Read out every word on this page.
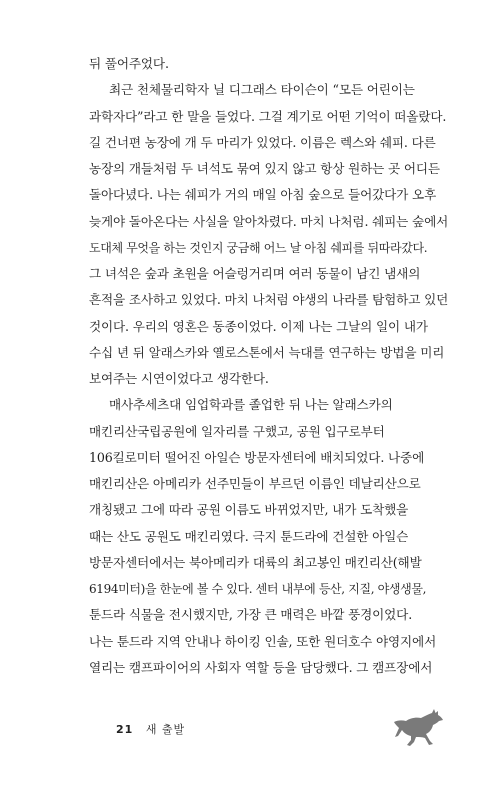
뒤 풀어주었다.
최근 천체물리학자 닐 디그래스 타이슨이 “모든 어린이는
과학자다”라고 한 말을 들었다. 그걸 계기로 어떤 기억이 떠올랐다.
길 건너편 농장에 개 두 마리가 있었다. 이름은 렉스와 쉐피. 다른
농장의 개들처럼 두 녀석도 묶여 있지 않고 항상 원하는 곳 어디든
돌아다녔다. 나는 쉐피가 거의 매일 아침 숲으로 들어갔다가 오후
늦게야 돌아온다는 사실을 알아차렸다. 마치 나처럼. 쉐피는 숲에서
도대체 무엇을 하는 것인지 궁금해 어느 날 아침 쉐피를 뒤따라갔다.
그 녀석은 숲과 초원을 어슬렁거리며 여러 동물이 남긴 냄새의
흔적을 조사하고 있었다. 마치 나처럼 야생의 나라를 탐험하고 있던
것이다. 우리의 영혼은 동종이었다. 이제 나는 그날의 일이 내가
수십 년 뒤 알래스카와 옐로스톤에서 늑대를 연구하는 방법을 미리
보여주는 시연이었다고 생각한다.
매사추세츠대 임업학과를 졸업한 뒤 나는 알래스카의
매킨리산국립공원에 일자리를 구했고, 공원 입구로부터
106킬로미터 떨어진 아일슨 방문자센터에 배치되었다. 나중에
매킨리산은 아메리카 선주민들이 부르던 이름인 데날리산으로
개칭됐고 그에 따라 공원 이름도 바뀌었지만, 내가 도착했을
때는 산도 공원도 매킨리였다. 극지 툰드라에 건설한 아일슨
방문자센터에서는 북아메리카 대륙의 최고봉인 매킨리산(해발
6194미터)을 한눈에 볼 수 있다. 센터 내부에 등산, 지질, 야생생물,
툰드라 식물을 전시했지만, 가장 큰 매력은 바깥 풍경이었다.
나는 툰드라 지역 안내나 하이킹 인솔, 또한 원더호수 야영지에서
열리는 캠프파이어의 사회자 역할 등을 담당했다. 그 캠프장에서
21 새 출발
